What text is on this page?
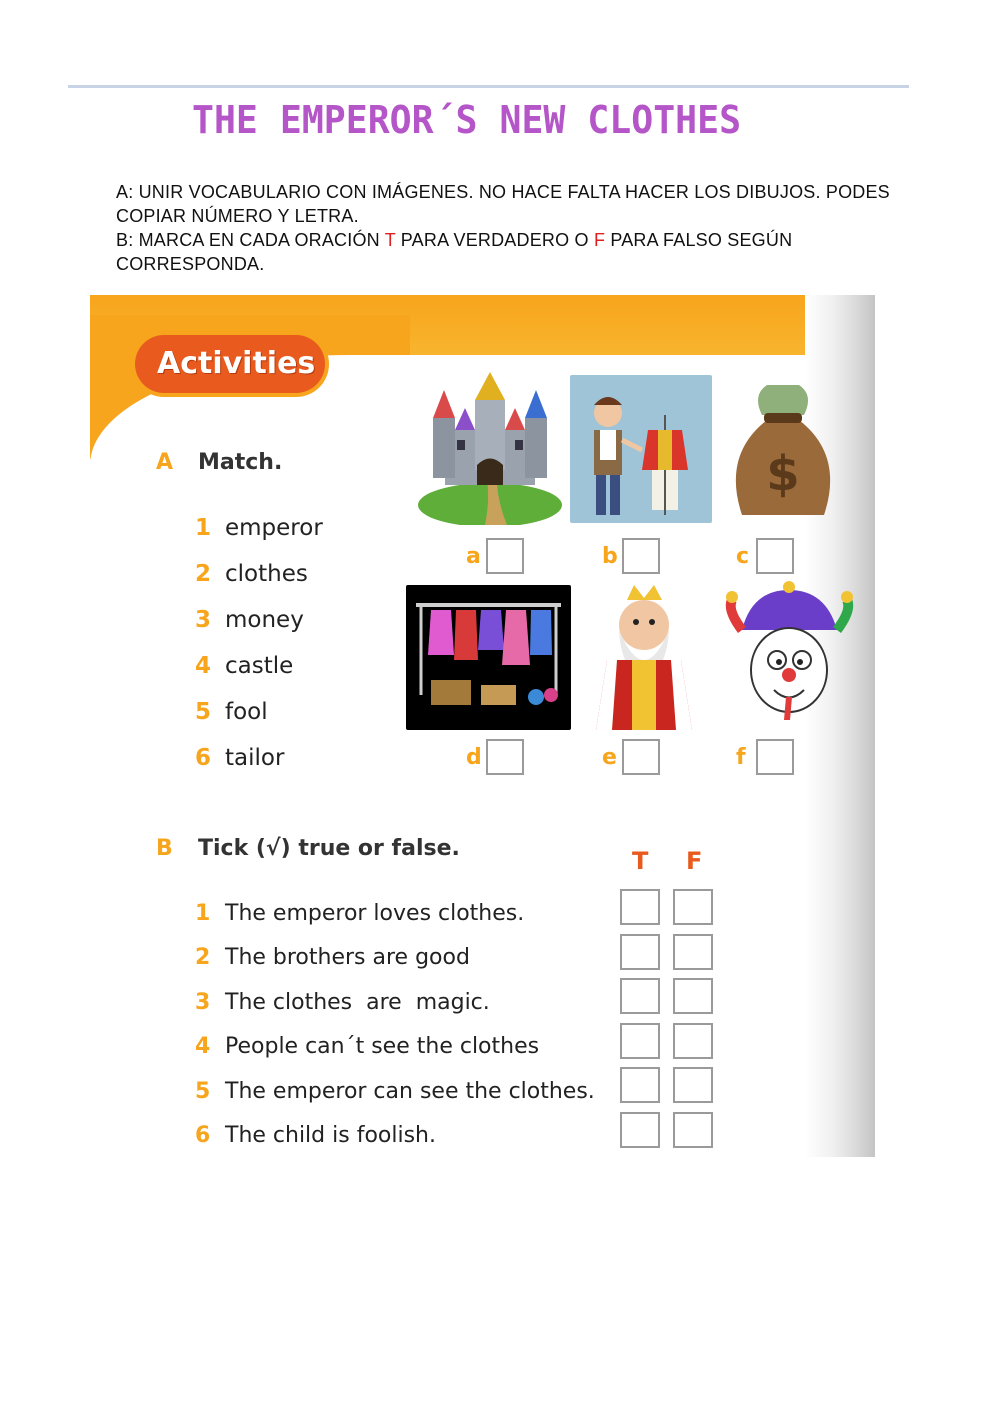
THE EMPEROR´S NEW CLOTHES
A: UNIR VOCABULARIO CON IMÁGENES. NO HACE FALTA HACER LOS DIBUJOS. PODES COPIAR NÚMERO Y LETRA.
B: MARCA EN CADA ORACIÓN T PARA VERDADERO O F PARA FALSO SEGÚN CORRESPONDA.
Activities
A Match.
1 emperor
2 clothes
3 money
4 castle
5 fool
6 tailor
$
a	b	c
d	e	f
B Tick (√) true or false.	T F
1 The emperor loves clothes.
2 The brothers are good
3 The clothes  are  magic.
4 People can´t see the clothes
5 The emperor can see the clothes.
6 The child is foolish.
